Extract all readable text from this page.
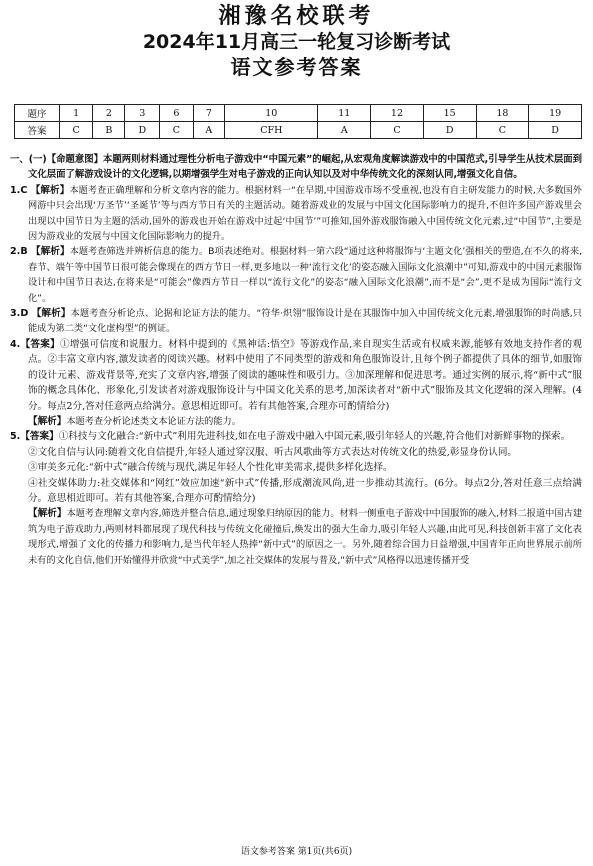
湘豫名校联考
2024年11月高三一轮复习诊断考试
语文参考答案
题序	1	2	3	6	7	10	11	12	15	18	19
答案	C	B	D	C	A	CFH	A	C	D	C	D

一、(一)【命题意图】本题两则材料通过理性分析电子游戏中“中国元素”的崛起,从宏观角度解读游戏中的中国范式,引导学生从技术层面到文化层面了解游戏设计的文化逻辑,以期增强学生对电子游戏的正向认知以及对中华传统文化的深刻认同,增强文化自信。

1.C 【解析】本题考查正确理解和分析文章内容的能力。根据材料一“在早期,中国游戏市场不受重视,也没有自主研发能力的时候,大多数国外网游中只会出现‘万圣节’‘圣诞节’等与西方节日有关的主题活动。随着游戏业的发展与中国文化国际影响力的提升,不但许多国产游戏里会出现以中国节日为主题的活动,国外的游戏也开始在游戏中过起‘中国节’”可推知,国外游戏服饰融入中国传统文化元素,过“中国节”,主要是因为游戏业的发展与中国文化国际影响力的提升。

2.B 【解析】本题考查筛选并辨析信息的能力。B项表述绝对。根据材料一第六段“通过这种将服饰与‘主题文化’强相关的塑造,在不久的将来,春节、端午等中国节日很可能会像现在的西方节日一样,更多地以一种‘流行文化’的姿态融入国际文化浪潮中”可知,游戏中的中国元素服饰设计和中国节日表达,在将来是“可能会”像西方节日一样以“流行文化”的姿态“融入国际文化浪潮”,而不是“会”,更不是成为国际“流行文化”。

3.D 【解析】本题考查分析论点、论据和论证方法的能力。“符华·炽翎”服饰设计是在其服饰中加入中国传统文化元素,增强服饰的时尚感,只能成为第二类“文化虚构型”的例证。

4.【答案】①增强可信度和说服力。材料中提到的《黑神话:悟空》等游戏作品,来自现实生活或有权威来源,能够有效地支持作者的观点。②丰富文章内容,激发读者的阅读兴趣。材料中使用了不同类型的游戏和角色服饰设计,且每个例子都提供了具体的细节,如服饰的设计元素、游戏背景等,充实了文章内容,增强了阅读的趣味性和吸引力。③加深理解和促进思考。通过实例的展示,将“新中式”服饰的概念具体化、形象化,引发读者对游戏服饰设计与中国文化关系的思考,加深读者对“新中式”服饰及其文化逻辑的深入理解。(4分。每点2分,答对任意两点给满分。意思相近即可。若有其他答案,合理亦可酌情给分)

【解析】本题考查分析论述类文本论证方法的能力。

5.【答案】①科技与文化融合:“新中式”利用先进科技,如在电子游戏中融入中国元素,吸引年轻人的兴趣,符合他们对新鲜事物的探索。

②文化自信与认同:随着文化自信提升,年轻人通过穿汉服、听古风歌曲等方式表达对传统文化的热爱,彰显身份认同。

③审美多元化:“新中式”融合传统与现代,满足年轻人个性化审美需求,提供多样化选择。

④社交媒体助力:社交媒体和“网红”效应加速“新中式”传播,形成潮流风尚,进一步推动其流行。(6分。每点2分,答对任意三点给满分。意思相近即可。若有其他答案,合理亦可酌情给分)

【解析】本题考查理解文章内容,筛选并整合信息,通过现象归纳原因的能力。材料一侧重电子游戏中中国服饰的融入,材料二报道中国古建筑为电子游戏助力,两则材料都展现了现代科技与传统文化碰撞后,焕发出的强大生命力,吸引年轻人兴趣,由此可见,科技创新丰富了文化表现形式,增强了文化的传播力和影响力,是当代年轻人热捧“新中式”的原因之一。另外,随着综合国力日益增强,中国青年正向世界展示前所未有的文化自信,他们开始懂得并欣赏“中式美学”,加之社交媒体的发展与普及,“新中式”风格得以迅速传播开受

语文参考答案 第1页(共6页)
